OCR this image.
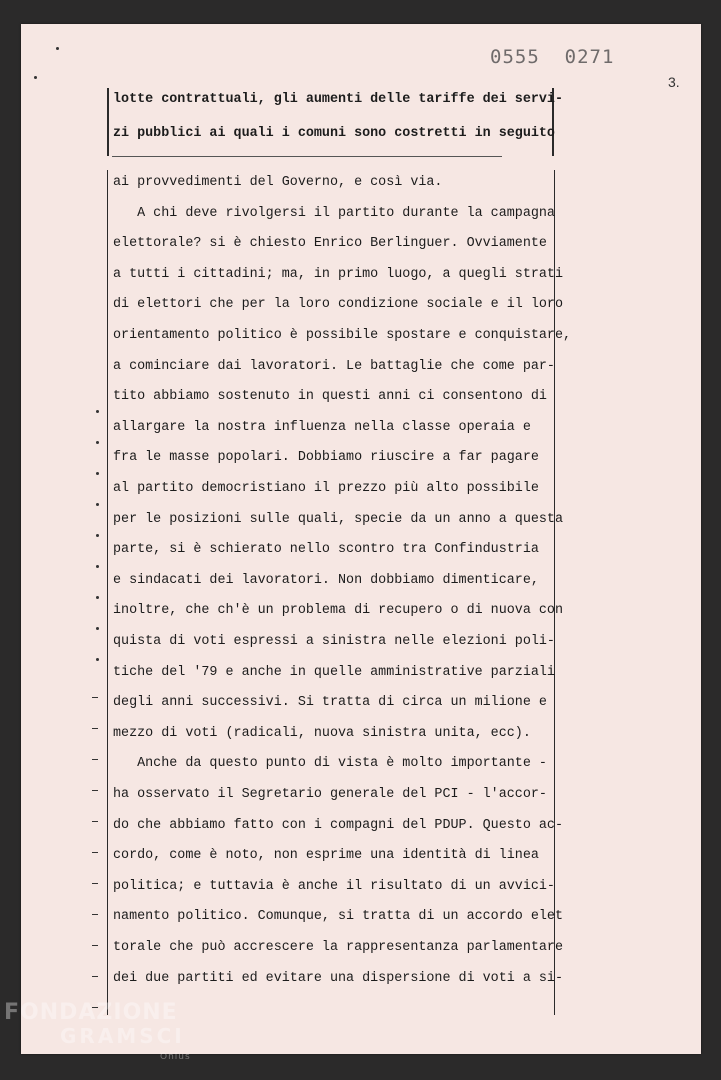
0555  0271
3.
lotte contrattuali, gli aumenti delle tariffe dei servi-
zi pubblici ai quali i comuni sono costretti in seguito
ai provvedimenti del Governo, e così via.
A chi deve rivolgersi il partito durante la campagna
elettorale? si è chiesto Enrico Berlinguer. Ovviamente
a tutti i cittadini; ma, in primo luogo, a quegli strati
di elettori che per la loro condizione sociale e il loro
orientamento politico è possibile spostare e conquistare,
a cominciare dai lavoratori. Le battaglie che come par-
tito abbiamo sostenuto in questi anni ci consentono di
allargare la nostra influenza nella classe operaia e
fra le masse popolari. Dobbiamo riuscire a far pagare
al partito democristiano il prezzo più alto possibile
per le posizioni sulle quali, specie da un anno a questa
parte, si è schierato nello scontro tra Confindustria
e sindacati dei lavoratori. Non dobbiamo dimenticare,
inoltre, che ch'è un problema di recupero o di nuova con
quista di voti espressi a sinistra nelle elezioni poli-
tiche del '79 e anche in quelle amministrative parziali
degli anni successivi. Si tratta di circa un milione e
mezzo di voti (radicali, nuova sinistra unita, ecc).
Anche da questo punto di vista è molto importante -
ha osservato il Segretario generale del PCI - l'accor-
do che abbiamo fatto con i compagni del PDUP. Questo ac-
cordo, come è noto, non esprime una identità di linea
politica; e tuttavia è anche il risultato di un avvici-
namento politico. Comunque, si tratta di un accordo elet
torale che può accrescere la rappresentanza parlamentare
dei due partiti ed evitare una dispersione di voti a si-
FONDAZIONE
GRAMSCI
Onlus
